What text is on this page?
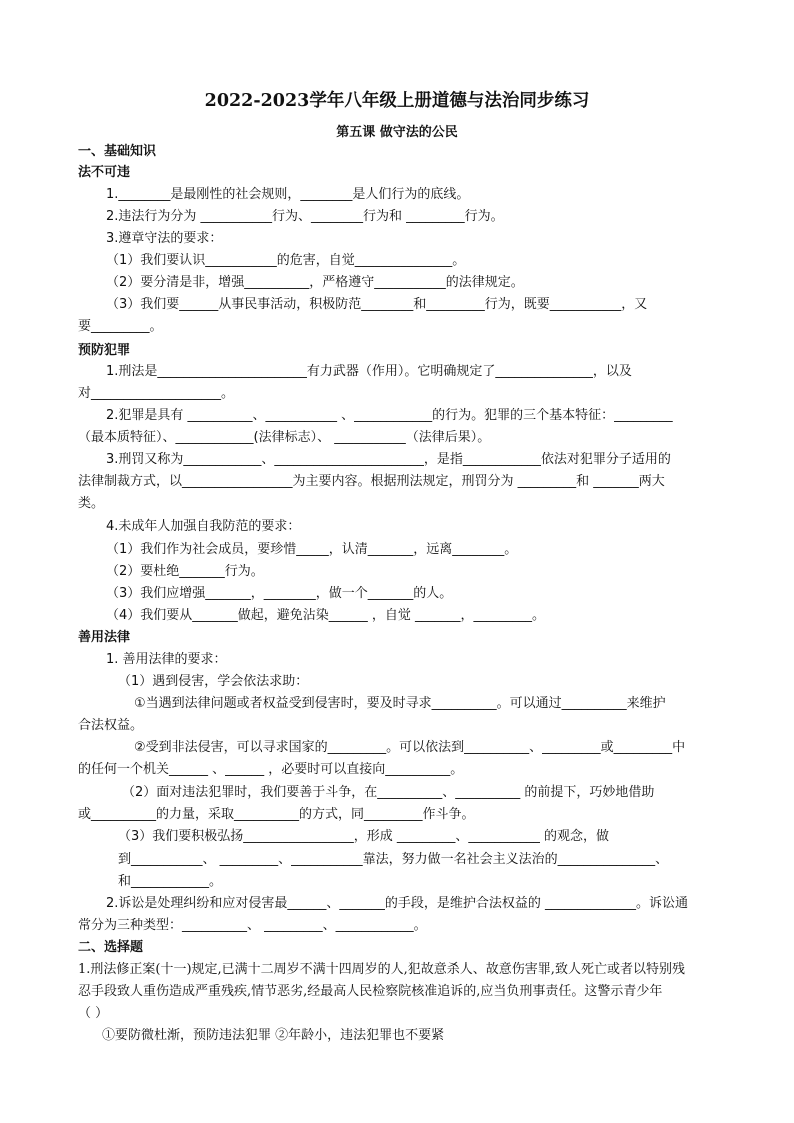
2022-2023学年八年级上册道德与法治同步练习
第五课 做守法的公民
一、基础知识
法不可违
1.________是最刚性的社会规则，________是人们行为的底线。
2.违法行为分为 ___________行为、________行为和 _________行为。
3.遵章守法的要求：
（1）我们要认识___________的危害，自觉_______________。
（2）要分清是非，增强__________，严格遵守___________的法律规定。
（3）我们要______从事民事活动，积极防范________和_________行为，既要___________，又
要_________。
预防犯罪
1.刑法是_______________________有力武器（作用）。它明确规定了_______________，以及
对____________________。
2.犯罪是具有 __________、___________ 、____________的行为。犯罪的三个基本特征：_________
（最本质特征）、____________(法律标志）、 ___________（法律后果）。
3.刑罚又称为____________、_______________________，是指____________依法对犯罪分子适用的
法律制裁方式，以_________________为主要内容。根据刑法规定，刑罚分为 _________和 _______两大
类。
4.未成年人加强自我防范的要求：
（1）我们作为社会成员，要珍惜_____，认清_______，远离________。
（2）要杜绝_______行为。
（3）我们应增强_______，________，做一个_______的人。
（4）我们要从_______做起，避免沾染______ ，自觉 _______，_________。
善用法律
1. 善用法律的要求：
（1）遇到侵害，学会依法求助：
①当遇到法律问题或者权益受到侵害时，要及时寻求__________。可以通过__________来维护
合法权益。
②受到非法侵害，可以寻求国家的_________。可以依法到__________、_________或_________中
的任何一个机关______ 、______ ，必要时可以直接向__________。
（2）面对违法犯罪时，我们要善于斗争，在__________、__________ 的前提下，巧妙地借助
或__________的力量，采取__________的方式，同_________作斗争。
（3）我们要积极弘扬_________________，形成 _________、___________ 的观念，做
到___________、 _________、___________靠法，努力做一名社会主义法治的_______________、
和____________。
2.诉讼是处理纠纷和应对侵害最______、_______的手段，是维护合法权益的 ______________。诉讼通
常分为三种类型：__________、 _________、____________。
二、选择题
1.刑法修正案(十一)规定,已满十二周岁不满十四周岁的人,犯故意杀人、故意伤害罪,致人死亡或者以特别残
忍手段致人重伤造成严重残疾,情节恶劣,经最高人民检察院核准追诉的,应当负刑事责任。这警示青少年
（ ）
①要防微杜渐，预防违法犯罪 ②年龄小，违法犯罪也不要紧
